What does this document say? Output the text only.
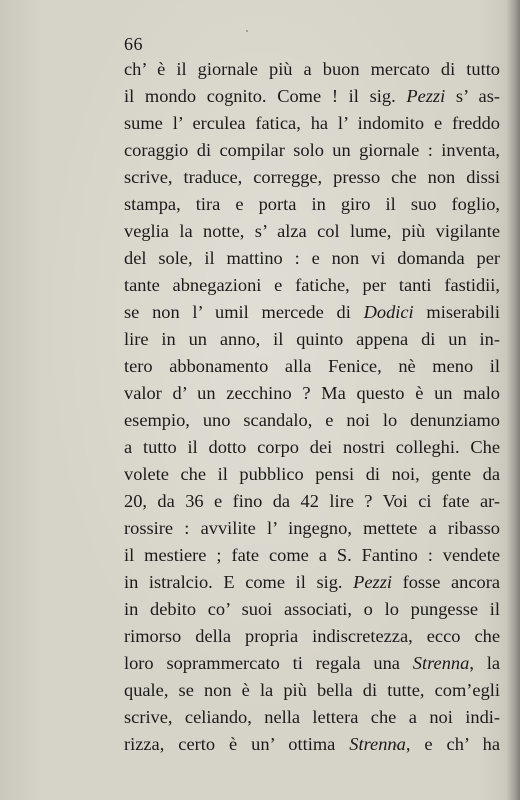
66
ch’ è il giornale più a buon mercato di tutto
il mondo cognito. Come ! il sig. Pezzi s’ as-
sume l’ erculea fatica, ha l’ indomito e freddo
coraggio di compilar solo un giornale : inventa,
scrive, traduce, corregge, presso che non dissi
stampa, tira e porta in giro il suo foglio,
veglia la notte, s’ alza col lume, più vigilante
del sole, il mattino : e non vi domanda per
tante abnegazioni e fatiche, per tanti fastidii,
se non l’ umil mercede di Dodici miserabili
lire in un anno, il quinto appena di un in-
tero abbonamento alla Fenice, nè meno il
valor d’ un zecchino ? Ma questo è un malo
esempio, uno scandalo, e noi lo denunziamo
a tutto il dotto corpo dei nostri colleghi. Che
volete che il pubblico pensi di noi, gente da
20, da 36 e fino da 42 lire ? Voi ci fate ar-
rossire : avvilite l’ ingegno, mettete a ribasso
il mestiere ; fate come a S. Fantino : vendete
in istralcio. E come il sig. Pezzi fosse ancora
in debito co’ suoi associati, o lo pungesse il
rimorso della propria indiscretezza, ecco che
loro soprammercato ti regala una Strenna, la
quale, se non è la più bella di tutte, com’egli
scrive, celiando, nella lettera che a noi indi-
rizza, certo è un’ ottima Strenna, e ch’ ha
